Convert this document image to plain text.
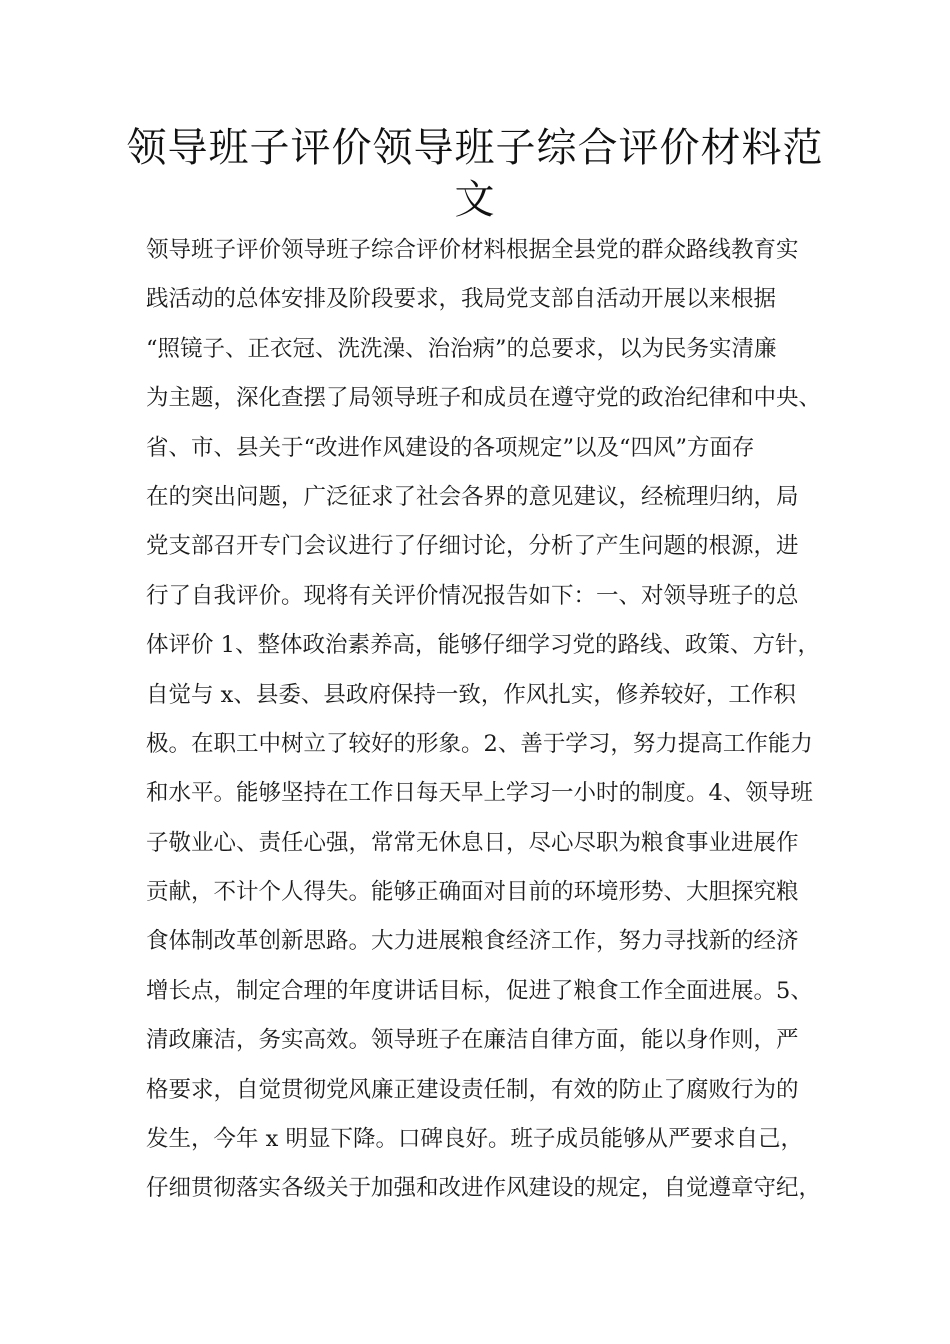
领导班子评价领导班子综合评价材料范文
领导班子评价领导班子综合评价材料根据全县党的群众路线教育实
践活动的总体安排及阶段要求，我局党支部自活动开展以来根据
“照镜子、正衣冠、洗洗澡、治治病”的总要求，以为民务实清廉
为主题，深化查摆了局领导班子和成员在遵守党的政治纪律和中央、
省、市、县关于“改进作风建设的各项规定”以及“四风”方面存
在的突出问题，广泛征求了社会各界的意见建议，经梳理归纳，局
党支部召开专门会议进行了仔细讨论，分析了产生问题的根源，进
行了自我评价。现将有关评价情况报告如下：一、对领导班子的总
体评价 1、整体政治素养高，能够仔细学习党的路线、政策、方针，
自觉与 x、县委、县政府保持一致，作风扎实，修养较好，工作积
极。在职工中树立了较好的形象。2、善于学习，努力提高工作能力
和水平。能够坚持在工作日每天早上学习一小时的制度。4、领导班
子敬业心、责任心强，常常无休息日，尽心尽职为粮食事业进展作
贡献，不计个人得失。能够正确面对目前的环境形势、大胆探究粮
食体制改革创新思路。大力进展粮食经济工作，努力寻找新的经济
增长点，制定合理的年度讲话目标，促进了粮食工作全面进展。5、
清政廉洁，务实高效。领导班子在廉洁自律方面，能以身作则，严
格要求，自觉贯彻党风廉正建设责任制，有效的防止了腐败行为的
发生，今年 x 明显下降。口碑良好。班子成员能够从严要求自己，
仔细贯彻落实各级关于加强和改进作风建设的规定，自觉遵章守纪，
